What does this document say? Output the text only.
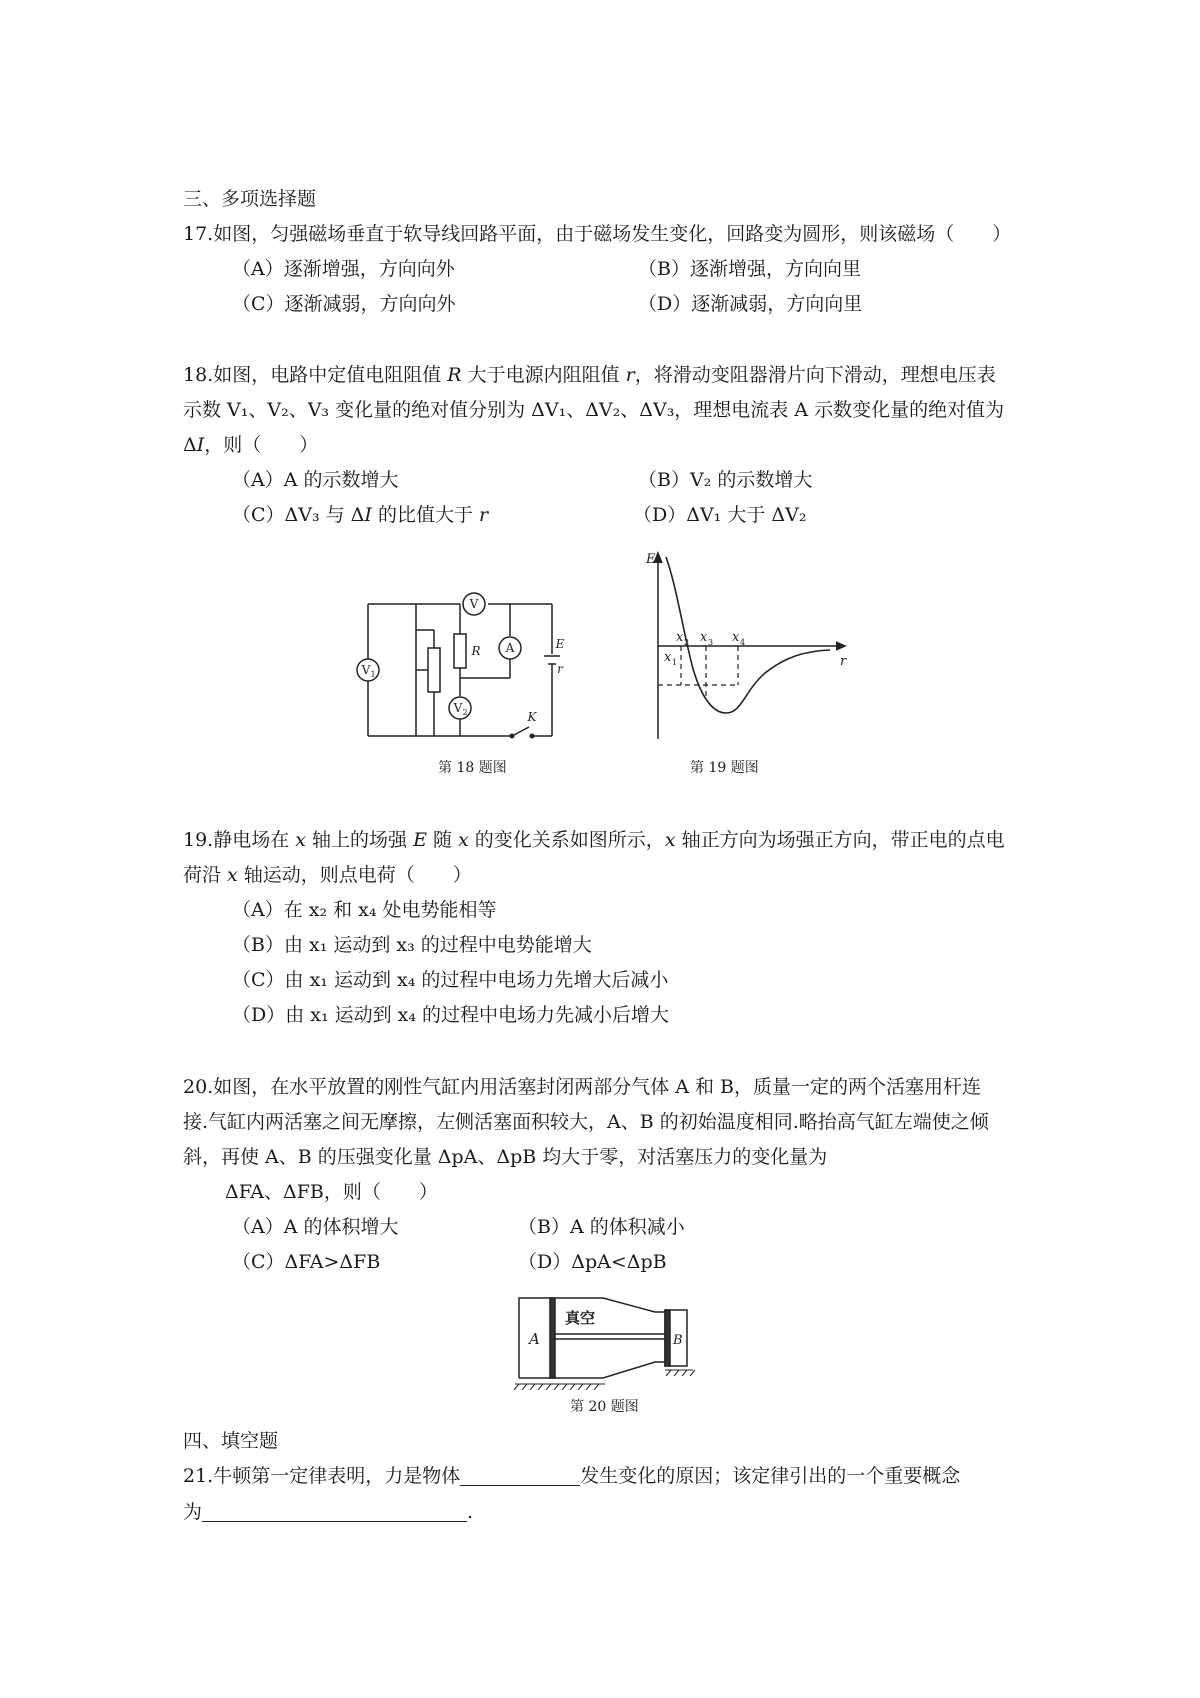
三、多项选择题
17.如图，匀强磁场垂直于软导线回路平面，由于磁场发生变化，回路变为圆形，则该磁场（　　）
（A）逐渐增强，方向向外	（B）逐渐增强，方向向里
（C）逐渐减弱，方向向外	（D）逐渐减弱，方向向里
18.如图，电路中定值电阻阻值 R 大于电源内阻阻值 r，将滑动变阻器滑片向下滑动，理想电压表
示数 V₁、V₂、V₃ 变化量的绝对值分别为 ΔV₁、ΔV₂、ΔV₃，理想电流表 A 示数变化量的绝对值为
ΔI，则（　　）
（A）A 的示数增大	（B）V₂ 的示数增大
（C）ΔV₃ 与 ΔI 的比值大于 r	（D）ΔV₁ 大于 ΔV₂
V
V 1
V 2
A
R	E
r
K
第 18 题图
E
r
x 1
x 2 x 3 x 4
第 19 题图
19.静电场在 x 轴上的场强 E 随 x 的变化关系如图所示，x 轴正方向为场强正方向，带正电的点电
荷沿 x 轴运动，则点电荷（　　）
（A）在 x₂ 和 x₄ 处电势能相等
（B）由 x₁ 运动到 x₃ 的过程中电势能增大
（C）由 x₁ 运动到 x₄ 的过程中电场力先增大后减小
（D）由 x₁ 运动到 x₄ 的过程中电场力先减小后增大
20.如图，在水平放置的刚性气缸内用活塞封闭两部分气体 A 和 B，质量一定的两个活塞用杆连
接.气缸内两活塞之间无摩擦，左侧活塞面积较大，A、B 的初始温度相同.略抬高气缸左端使之倾
斜，再使 A、B 的压强变化量 ΔpA、ΔpB 均大于零，对活塞压力的变化量为
ΔFA、ΔFB，则（　　）
（A）A 的体积增大	（B）A 的体积减小
（C）ΔFA>ΔFB	（D）ΔpA<ΔpB
A
真空
B
第 20 题图
四、填空题
21.牛顿第一定律表明，力是物体	发生变化的原因；该定律引出的一个重要概念
为	.
